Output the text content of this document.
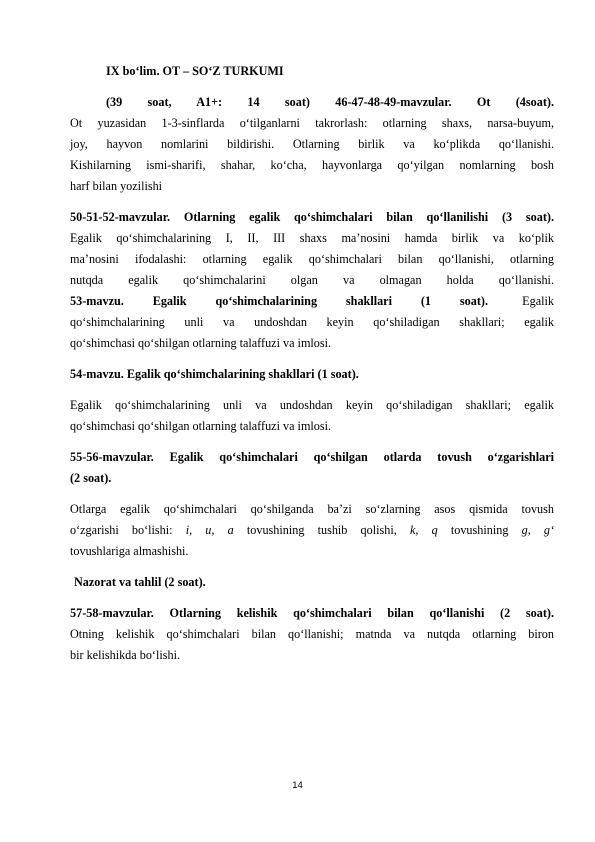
IX bo‘lim. OT – SO‘Z TURKUMI
(39 soat, A1+: 14 soat) 46-47-48-49-mavzular. Ot (4soat).
Ot yuzasidan 1-3-sinflarda o‘tilganlarni takrorlash: otlarning shaxs, narsa-buyum,
joy, hayvon nomlarini bildirishi. Otlarning birlik va ko‘plikda qo‘llanishi.
Kishilarning ismi-sharifi, shahar, ko‘cha, hayvonlarga qo‘yilgan nomlarning bosh
harf bilan yozilishi
50-51-52-mavzular. Otlarning egalik qo‘shimchalari bilan qo‘llanilishi (3 soat).
Egalik qo‘shimchalarining I, II, III shaxs ma’nosini hamda birlik va ko‘plik
ma’nosini ifodalashi: otlarning egalik qo‘shimchalari bilan qo‘llanishi, otlarning
nutqda egalik qo‘shimchalarini olgan va olmagan holda qo‘llanishi.
53-mavzu. Egalik qo‘shimchalarining shakllari (1 soat).	Egalik
qo‘shimchalarining unli va undoshdan keyin qo‘shiladigan shakllari; egalik
qo‘shimchasi qo‘shilgan otlarning talaffuzi va imlosi.
54-mavzu. Egalik qo‘shimchalarining shakllari (1 soat).
Egalik qo‘shimchalarining unli va undoshdan keyin qo‘shiladigan shakllari; egalik
qo‘shimchasi qo‘shilgan otlarning talaffuzi va imlosi.
55-56-mavzular. Egalik qo‘shimchalari qo‘shilgan otlarda tovush o‘zgarishlari
(2 soat).
Otlarga egalik qo‘shimchalari qo‘shilganda ba’zi so‘zlarning asos qismida tovush
o‘zgarishi bo‘lishi: i, u, a tovushining tushib qolishi, k, q tovushining g, g‘
tovushlariga almashishi.
Nazorat va tahlil (2 soat).
57-58-mavzular. Otlarning kelishik qo‘shimchalari bilan qo‘llanishi (2 soat).
Otning kelishik qo‘shimchalari bilan qo‘llanishi; matnda va nutqda otlarning biron
bir kelishikda bo‘lishi.
14
